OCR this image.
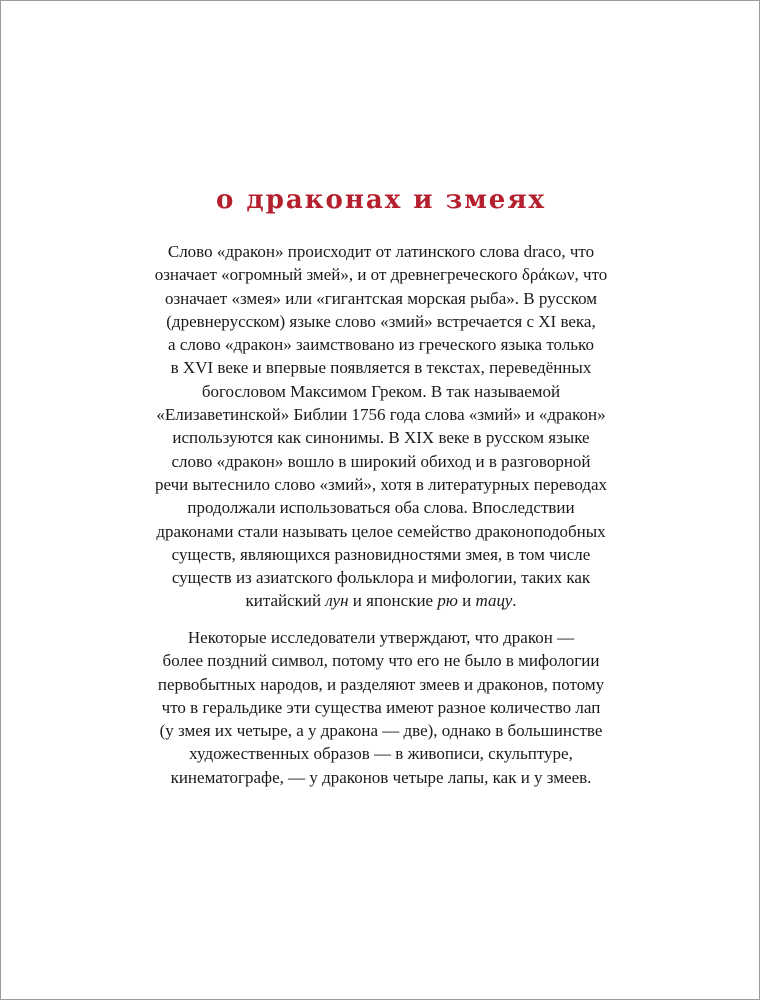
о драконах и змеях
Слово «дракон» происходит от латинского слова draco, что
означает «огромный змей», и от древнегреческого δράκων, что
означает «змея» или «гигантская морская рыба». В русском
(древнерусском) языке слово «змий» встречается с XI века,
а слово «дракон» заимствовано из греческого языка только
в XVI веке и впервые появляется в текстах, переведённых
богословом Максимом Греком. В так называемой
«Елизаветинской» Библии 1756 года слова «змий» и «дракон»
используются как синонимы. В XIX веке в русском языке
слово «дракон» вошло в широкий обиход и в разговорной
речи вытеснило слово «змий», хотя в литературных переводах
продолжали использоваться оба слова. Впоследствии
драконами стали называть целое семейство драконоподобных
существ, являющихся разновидностями змея, в том числе
существ из азиатского фольклора и мифологии, таких как
китайский лун и японские рю и тацу.
Некоторые исследователи утверждают, что дракон —
более поздний символ, потому что его не было в мифологии
первобытных народов, и разделяют змеев и драконов, потому
что в геральдике эти существа имеют разное количество лап
(у змея их четыре, а у дракона — две), однако в большинстве
художественных образов — в живописи, скульптуре,
кинематографе, — у драконов четыре лапы, как и у змеев.
